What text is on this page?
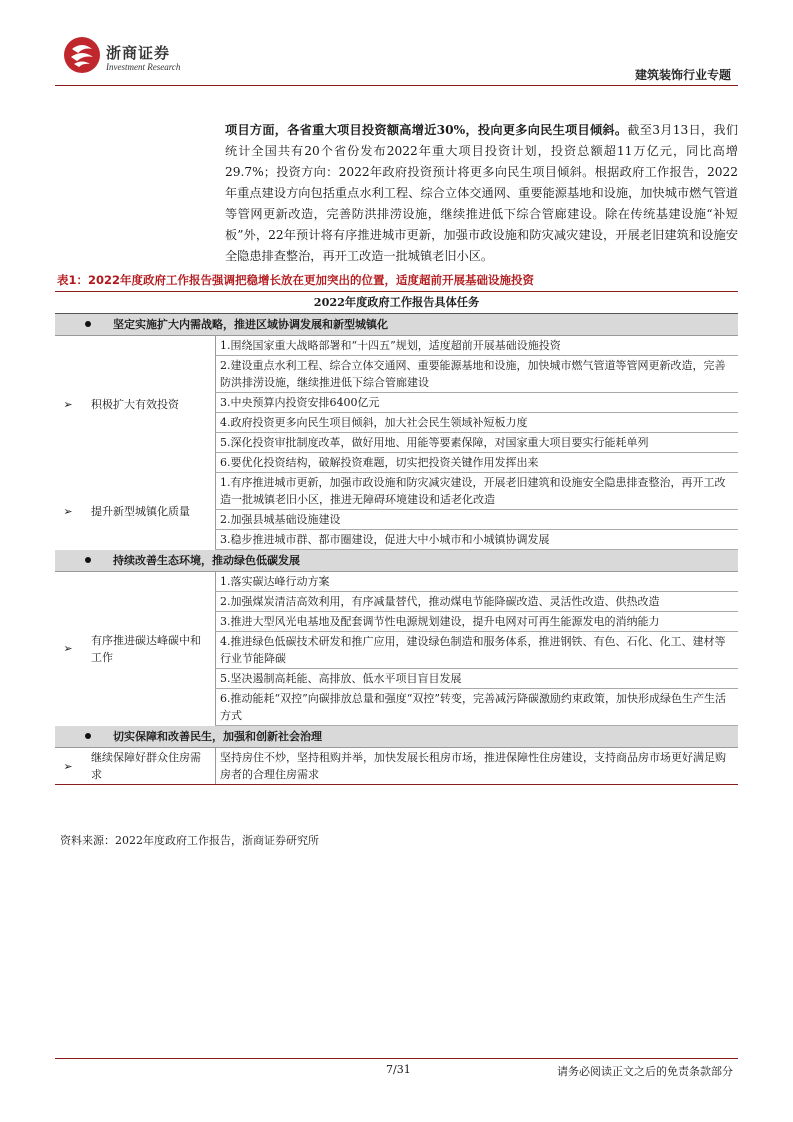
浙商证券
Investment Research
建筑装饰行业专题
项目方面，各省重大项目投资额高增近30%，投向更多向民生项目倾斜。截至3月13日，我们统计全国共有20个省份发布2022年重大项目投资计划，投资总额超11万亿元，同比高增29.7%；投资方向：2022年政府投资预计将更多向民生项目倾斜。根据政府工作报告，2022年重点建设方向包括重点水利工程、综合立体交通网、重要能源基地和设施，加快城市燃气管道等管网更新改造，完善防洪排涝设施，继续推进低下综合管廊建设。除在传统基建设施“补短板”外，22年预计将有序推进城市更新，加强市政设施和防灾减灾建设，开展老旧建筑和设施安全隐患排查整治，再开工改造一批城镇老旧小区。
表1：2022年度政府工作报告强调把稳增长放在更加突出的位置，适度超前开展基础设施投资
2022年度政府工作报告具体任务		
坚定实施扩大内需战略，推进区域协调发展和新型城镇化		
➢	积极扩大有效投资	1.围绕国家重大战略部署和“十四五”规划，适度超前开展基础设施投资
		2.建设重点水利工程、综合立体交通网、重要能源基地和设施，加快城市燃气管道等管网更新改造，完善防洪排涝设施，继续推进低下综合管廊建设
		3.中央预算内投资安排6400亿元
		4.政府投资更多向民生项目倾斜，加大社会民生领域补短板力度
		5.深化投资审批制度改革，做好用地、用能等要素保障，对国家重大项目要实行能耗单列
		6.要优化投资结构，破解投资难题，切实把投资关键作用发挥出来
➢	提升新型城镇化质量	1.有序推进城市更新，加强市政设施和防灾减灾建设，开展老旧建筑和设施安全隐患排查整治，再开工改造一批城镇老旧小区，推进无障碍环境建设和适老化改造
		2.加强县城基础设施建设
		3.稳步推进城市群、都市圈建设，促进大中小城市和小城镇协调发展
持续改善生态环境，推动绿色低碳发展		
➢	有序推进碳达峰碳中和工作	1.落实碳达峰行动方案
		2.加强煤炭清洁高效利用，有序减量替代，推动煤电节能降碳改造、灵活性改造、供热改造
		3.推进大型风光电基地及配套调节性电源规划建设，提升电网对可再生能源发电的消纳能力
		4.推进绿色低碳技术研发和推广应用，建设绿色制造和服务体系，推进钢铁、有色、石化、化工、建材等行业节能降碳
		5.坚决遏制高耗能、高排放、低水平项目盲目发展
		6.推动能耗“双控”向碳排放总量和强度“双控”转变，完善减污降碳激励约束政策，加快形成绿色生产生活方式
切实保障和改善民生，加强和创新社会治理		
➢	继续保障好群众住房需求	坚持房住不炒，坚持租购并举，加快发展长租房市场，推进保障性住房建设，支持商品房市场更好满足购房者的合理住房需求
资料来源：2022年度政府工作报告，浙商证券研究所
7/31	请务必阅读正文之后的免责条款部分
